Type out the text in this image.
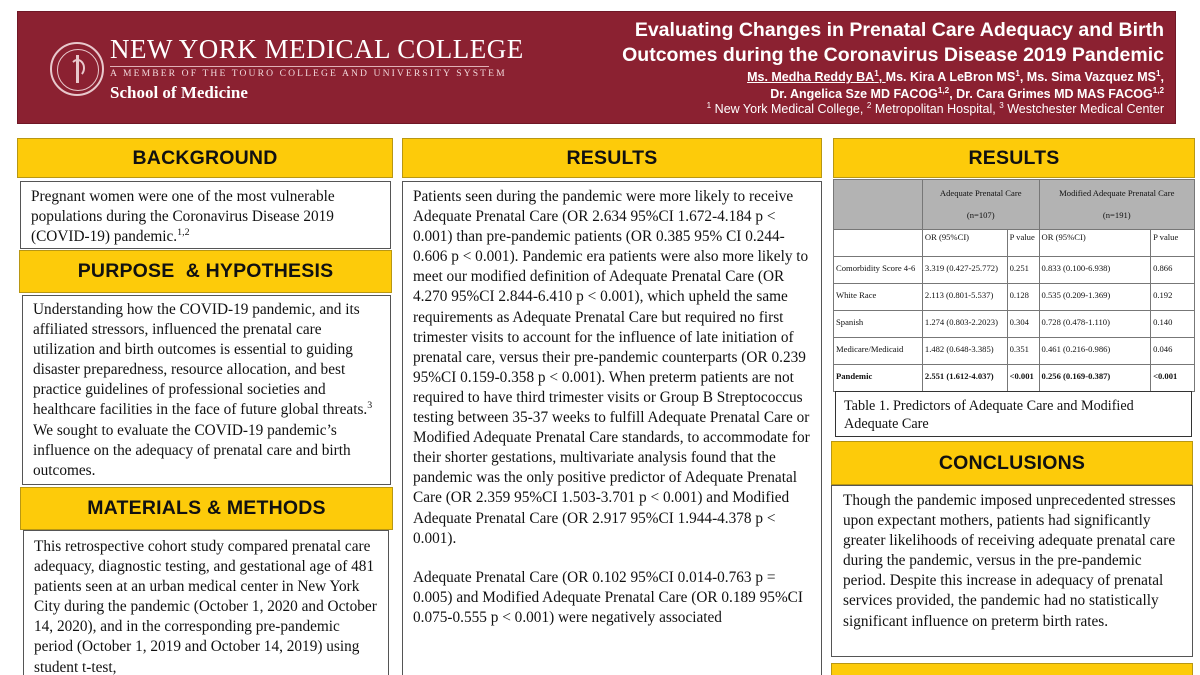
NEW YORK MEDICAL COLLEGE
A MEMBER OF THE TOURO COLLEGE AND UNIVERSITY SYSTEM
School of Medicine
Evaluating Changes in Prenatal Care Adequacy and Birth
Outcomes during the Coronavirus Disease 2019 Pandemic
Ms. Medha Reddy $BA^1$, Ms. Kira A LeBron $MS^1$, Ms. Sima Vazquez $MS^1$,
Dr. Angelica Sze MD FACOG$^{1,2}$, Dr. Cara Grimes MD MAS FACOG$^{1,2}$
$^1$ New York Medical College, $^2$ Metropolitan Hospital, $^3$ Westchester Medical Center
BACKGROUND

Pregnant women were one of the most vulnerable populations during the Coronavirus Disease 2019 (COVID-19) pandemic.$^{1,2}$

PURPOSE  & HYPOTHESIS

Understanding how the COVID-19 pandemic, and its affiliated stressors, influenced the prenatal care utilization and birth outcomes is essential to guiding disaster preparedness, resource allocation, and best practice guidelines of professional societies and healthcare facilities in the face of future global threats.$^3$ We sought to evaluate the COVID-19 pandemic’s influence on the adequacy of prenatal care and birth outcomes.

MATERIALS & METHODS

This retrospective cohort study compared prenatal care adequacy, diagnostic testing, and gestational age of 481 patients seen at an urban medical center in New York City during the pandemic (October 1, 2020 and October 14, 2020), and in the corresponding pre-pandemic period (October 1, 2019 and October 14, 2019) using student t-test,

RESULTS

Patients seen during the pandemic were more likely to receive Adequate Prenatal Care (OR 2.634 95%CI 1.672-4.184 p < 0.001) than pre-pandemic patients (OR 0.385 95% CI 0.244-0.606 p < 0.001). Pandemic era patients were also more likely to meet our modified definition of Adequate Prenatal Care (OR 4.270 95%CI 2.844-6.410 p < 0.001), which upheld the same requirements as Adequate Prenatal Care but required no first trimester visits to account for the influence of late initiation of prenatal care, versus their pre-pandemic counterparts (OR 0.239 95%CI 0.159-0.358 p < 0.001). When preterm patients are not required to have third trimester visits or Group B Streptococcus testing between 35-37 weeks to fulfill Adequate Prenatal Care or Modified Adequate Prenatal Care standards, to accommodate for their shorter gestations, multivariate analysis found that the pandemic was the only positive predictor of Adequate Prenatal Care (OR 2.359 95%CI 1.503-3.701 p < 0.001) and Modified Adequate Prenatal Care (OR 2.917 95%CI 1.944-4.378 p < 0.001).

Adequate Prenatal Care (OR 0.102 95%CI 0.014-0.763 p = 0.005) and Modified Adequate Prenatal Care (OR 0.189 95%CI 0.075-0.555 p < 0.001) were negatively associated

RESULTS
	Adequate Prenatal Care
(n=107)		Modified Adequate Prenatal Care
(n=191)	
	OR (95%CI)	P value	OR (95%CI)	P value
Comorbidity Score 4-6	3.319 (0.427-25.772)	0.251	0.833 (0.100-6.938)	0.866
White Race	2.113 (0.801-5.537)	0.128	0.535 (0.209-1.369)	0.192
Spanish	1.274 (0.803-2.2023)	0.304	0.728 (0.478-1.110)	0.140
Medicare/Medicaid	1.482 (0.648-3.385)	0.351	0.461 (0.216-0.986)	0.046
Pandemic	2.551 (1.612-4.037)	<0.001	0.256 (0.169-0.387)	<0.001
Table 1. Predictors of Adequate Care and Modified Adequate Care
CONCLUSIONS

Though the pandemic imposed unprecedented stresses upon expectant mothers, patients had significantly greater likelihoods of receiving adequate prenatal care during the pandemic, versus in the pre-pandemic period. Despite this increase in adequacy of prenatal services provided, the pandemic had no statistically significant influence on preterm birth rates.
